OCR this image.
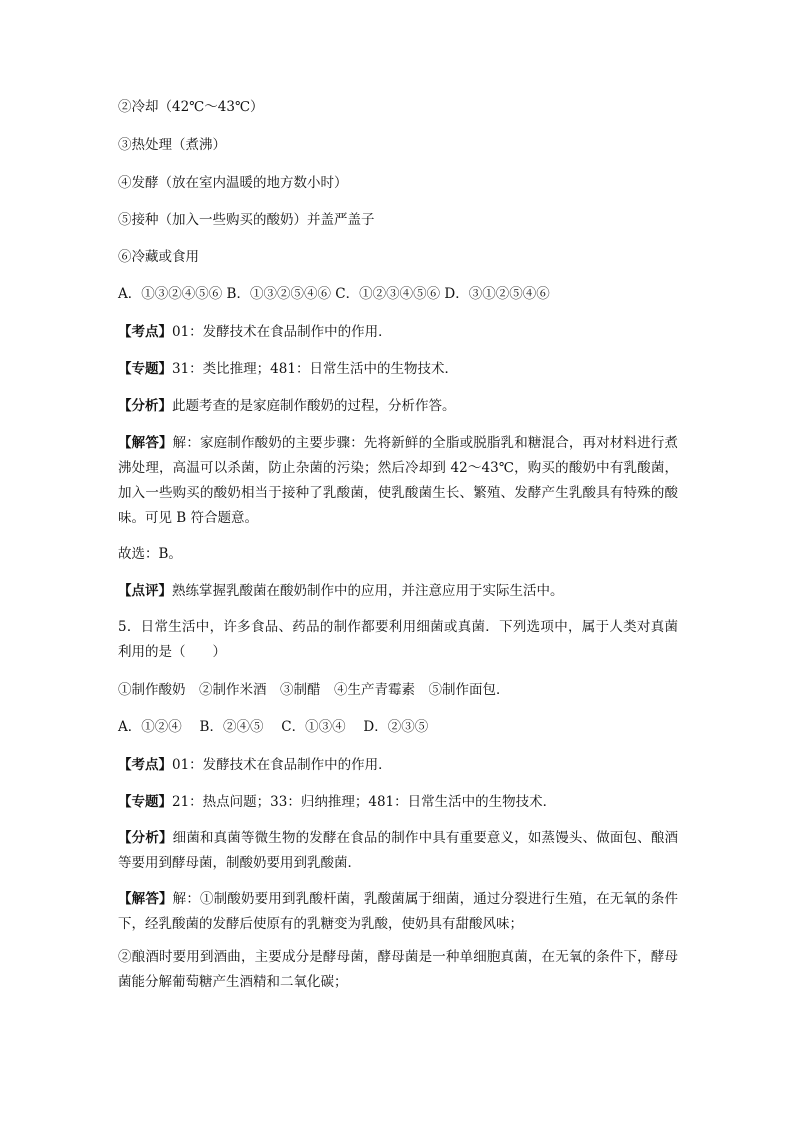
②冷却（42℃～43℃）
③热处理（煮沸）
④发酵（放在室内温暖的地方数小时）
⑤接种（加入一些购买的酸奶）并盖严盖子
⑥冷藏或食用
A．①③②④⑤⑥ B．①③②⑤④⑥ C．①②③④⑤⑥ D．③①②⑤④⑥
【考点】01：发酵技术在食品制作中的作用．
【专题】31：类比推理；481：日常生活中的生物技术．
【分析】此题考查的是家庭制作酸奶的过程，分析作答。
【解答】解：家庭制作酸奶的主要步骤：先将新鲜的全脂或脱脂乳和糖混合，再对材料进行煮沸处理，高温可以杀菌，防止杂菌的污染；然后冷却到 42～43℃，购买的酸奶中有乳酸菌，加入一些购买的酸奶相当于接种了乳酸菌，使乳酸菌生长、繁殖、发酵产生乳酸具有特殊的酸味。可见 B 符合题意。
故选：B。
【点评】熟练掌握乳酸菌在酸奶制作中的应用，并注意应用于实际生活中。
5．日常生活中，许多食品、药品的制作都要利用细菌或真菌．下列选项中，属于人类对真菌利用的是（　　）
①制作酸奶　②制作米酒　③制醋　④生产青霉素　⑤制作面包．
A．①②④　 B．②④⑤　 C．①③④　 D．②③⑤
【考点】01：发酵技术在食品制作中的作用．
【专题】21：热点问题；33：归纳推理；481：日常生活中的生物技术．
【分析】细菌和真菌等微生物的发酵在食品的制作中具有重要意义，如蒸馒头、做面包、酿酒等要用到酵母菌，制酸奶要用到乳酸菌．
【解答】解：①制酸奶要用到乳酸杆菌，乳酸菌属于细菌，通过分裂进行生殖，在无氧的条件下，经乳酸菌的发酵后使原有的乳糖变为乳酸，使奶具有甜酸风味；
②酿酒时要用到酒曲，主要成分是酵母菌，酵母菌是一种单细胞真菌，在无氧的条件下，酵母菌能分解葡萄糖产生酒精和二氧化碳；
